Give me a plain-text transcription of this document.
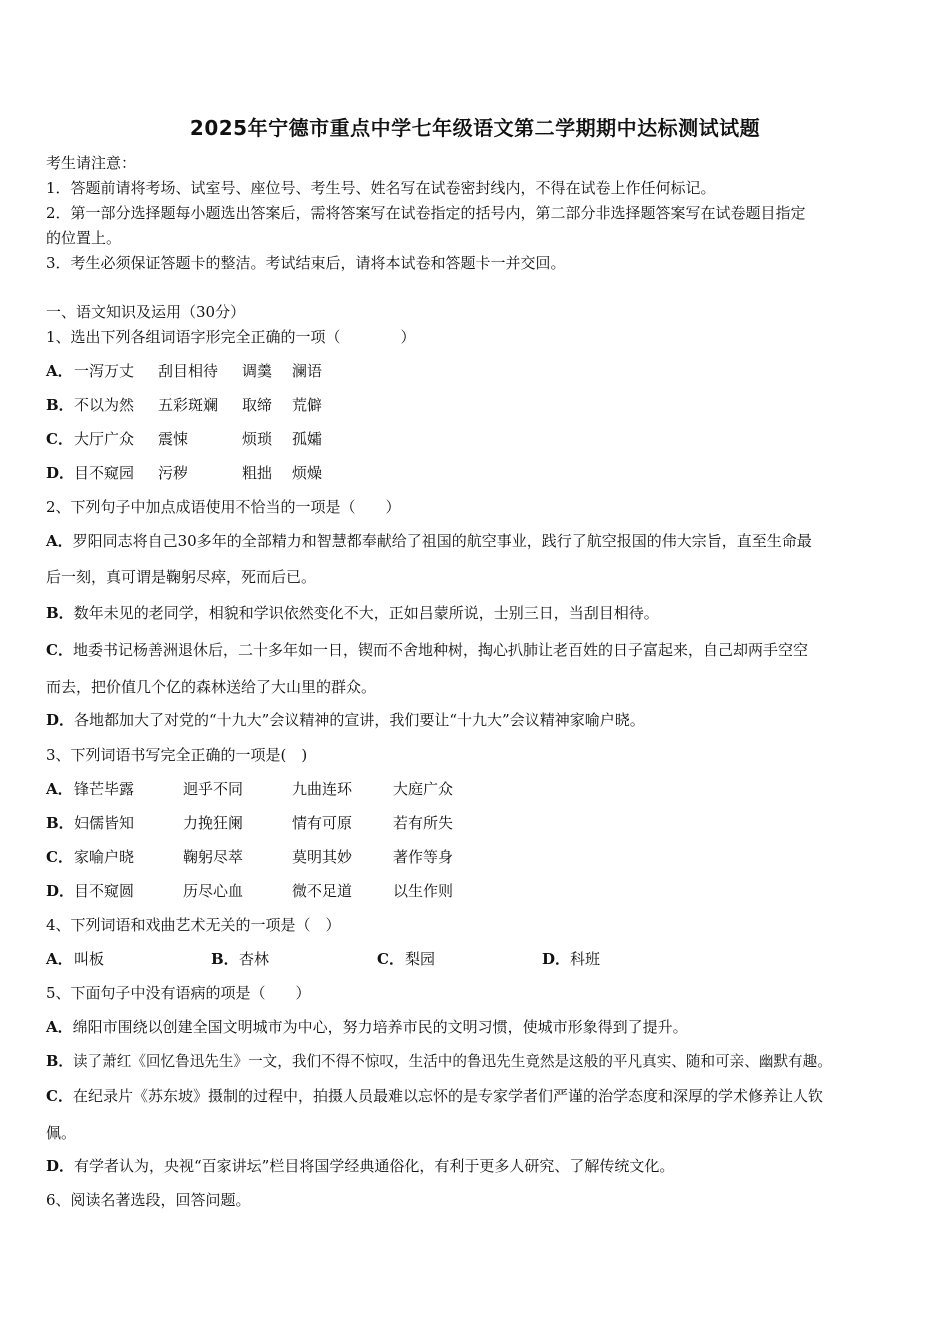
2025年宁德市重点中学七年级语文第二学期期中达标测试试题
考生请注意：
1．答题前请将考场、试室号、座位号、考生号、姓名写在试卷密封线内，不得在试卷上作任何标记。
2．第一部分选择题每小题选出答案后，需将答案写在试卷指定的括号内，第二部分非选择题答案写在试卷题目指定
的位置上。
3．考生必须保证答题卡的整洁。考试结束后，请将本试卷和答题卡一并交回。
一、语文知识及运用（30分）
1、选出下列各组词语字形完全正确的一项（　　　　）
A． 一泻万丈 刮目相待 调羹 澜语
B． 不以为然 五彩斑斓 取缔 荒僻
C． 大厅广众 震悚	烦琐 孤孀
D． 目不窥园 污秽	粗拙 烦燥
2、下列句子中加点成语使用不恰当的一项是（　　）
A．罗阳同志将自己30多年的全部精力和智慧都奉献给了祖国的航空事业，践行了航空报国的伟大宗旨，直至生命最
后一刻，真可谓是鞠躬尽瘁，死而后已。
B．数年未见的老同学，相貌和学识依然变化不大，正如吕蒙所说，士别三日，当刮目相待。
C．地委书记杨善洲退休后，二十多年如一日，锲而不舍地种树，掏心扒肺让老百姓的日子富起来，自己却两手空空
而去，把价值几个亿的森林送给了大山里的群众。
D．各地都加大了对党的“十九大”会议精神的宣讲，我们要让“十九大”会议精神家喻户晓。
3、下列词语书写完全正确的一项是(　)
A． 锋芒毕露	迥乎不同	九曲连环	大庭广众
B． 妇儒皆知	力挽狂阑	情有可原	若有所失
C． 家喻户晓	鞠躬尽萃	莫明其妙	著作等身
D． 目不窥圆	历尽心血	微不足道	以生作则
4、下列词语和戏曲艺术无关的一项是（　）
A． 叫板	B． 杏林	C． 梨园	D． 科班
5、下面句子中没有语病的项是（　　）
A．绵阳市围绕以创建全国文明城市为中心，努力培养市民的文明习惯，使城市形象得到了提升。
B．读了萧红《回忆鲁迅先生》一文，我们不得不惊叹，生活中的鲁迅先生竟然是这般的平凡真实、随和可亲、幽默有趣。
C．在纪录片《苏东坡》摄制的过程中，拍摄人员最难以忘怀的是专家学者们严谨的治学态度和深厚的学术修养让人钦
佩。
D．有学者认为，央视“百家讲坛”栏目将国学经典通俗化，有利于更多人研究、了解传统文化。
6、阅读名著选段，回答问题。
